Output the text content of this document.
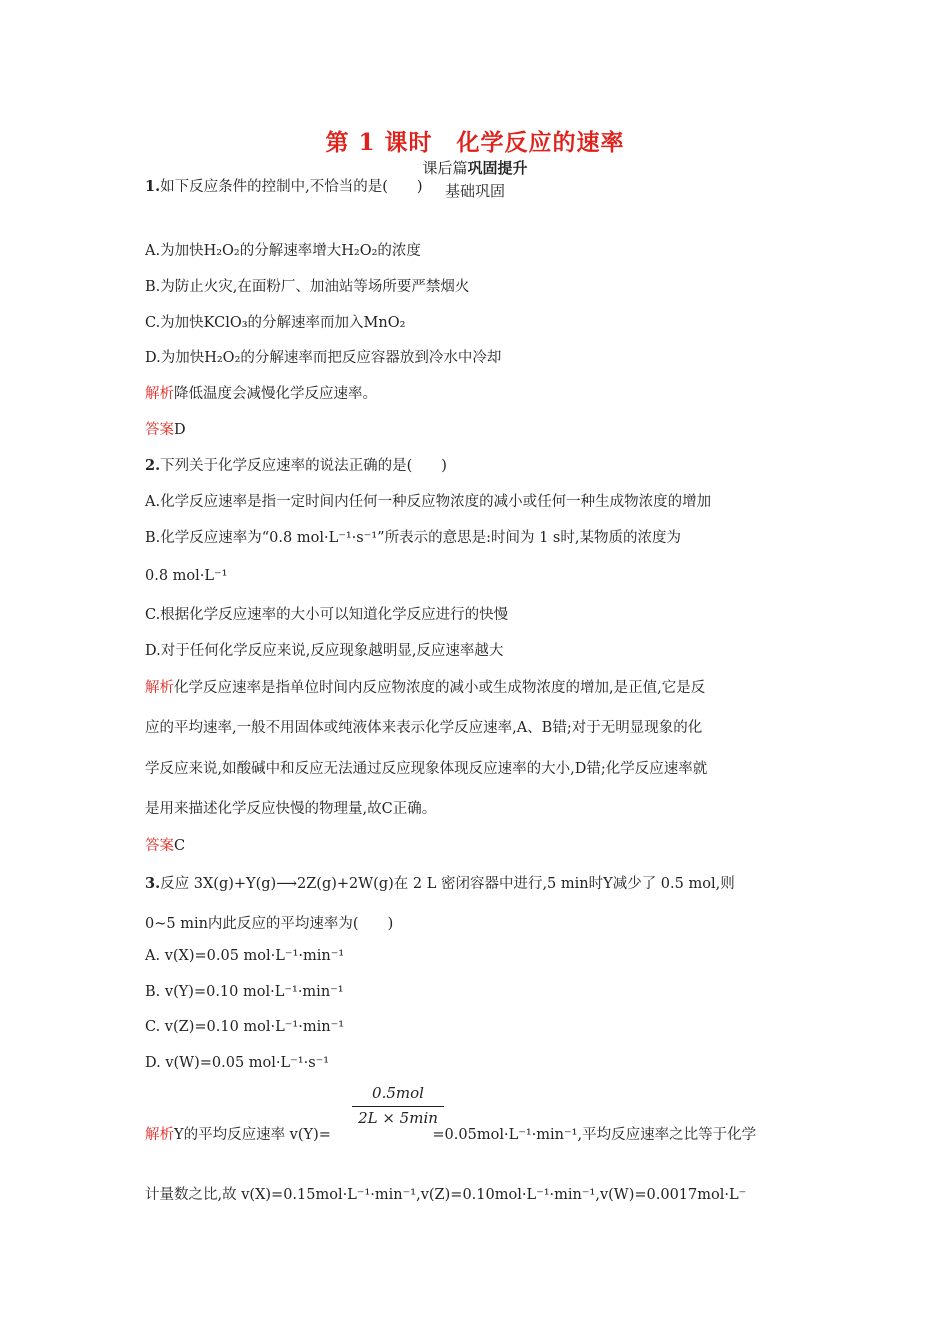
第 1 课时　化学反应的速率
课后篇巩固提升
基础巩固
1.如下反应条件的控制中,不恰当的是(　　)
A.为加快H₂O₂的分解速率增大H₂O₂的浓度
B.为防止火灾,在面粉厂、加油站等场所要严禁烟火
C.为加快KClO₃的分解速率而加入MnO₂
D.为加快H₂O₂的分解速率而把反应容器放到冷水中冷却
解析降低温度会减慢化学反应速率。
答案D
2.下列关于化学反应速率的说法正确的是(　　)
A.化学反应速率是指一定时间内任何一种反应物浓度的减小或任何一种生成物浓度的增加
B.化学反应速率为“0.8 mol·L⁻¹·s⁻¹”所表示的意思是:时间为 1 s时,某物质的浓度为
0.8 mol·L⁻¹
C.根据化学反应速率的大小可以知道化学反应进行的快慢
D.对于任何化学反应来说,反应现象越明显,反应速率越大
解析化学反应速率是指单位时间内反应物浓度的减小或生成物浓度的增加,是正值,它是反
应的平均速率,一般不用固体或纯液体来表示化学反应速率,A、B错;对于无明显现象的化
学反应来说,如酸碱中和反应无法通过反应现象体现反应速率的大小,D错;化学反应速率就
是用来描述化学反应快慢的物理量,故C正确。
答案C
3.反应 3X(g)+Y(g)⟶2Z(g)+2W(g)在 2 L 密闭容器中进行,5 min时Y减少了 0.5 mol,则
0~5 min内此反应的平均速率为(　　)
A. v(X)=0.05 mol·L⁻¹·min⁻¹
B. v(Y)=0.10 mol·L⁻¹·min⁻¹
C. v(Z)=0.10 mol·L⁻¹·min⁻¹
D. v(W)=0.05 mol·L⁻¹·s⁻¹
解析Y的平均反应速率 v(Y)=　　　　　　　=0.05mol·L⁻¹·min⁻¹,平均反应速率之比等于化学
计量数之比,故 v(X)=0.15mol·L⁻¹·min⁻¹,v(Z)=0.10mol·L⁻¹·min⁻¹,v(W)=0.0017mol·L⁻
0.5mol
2L × 5min
